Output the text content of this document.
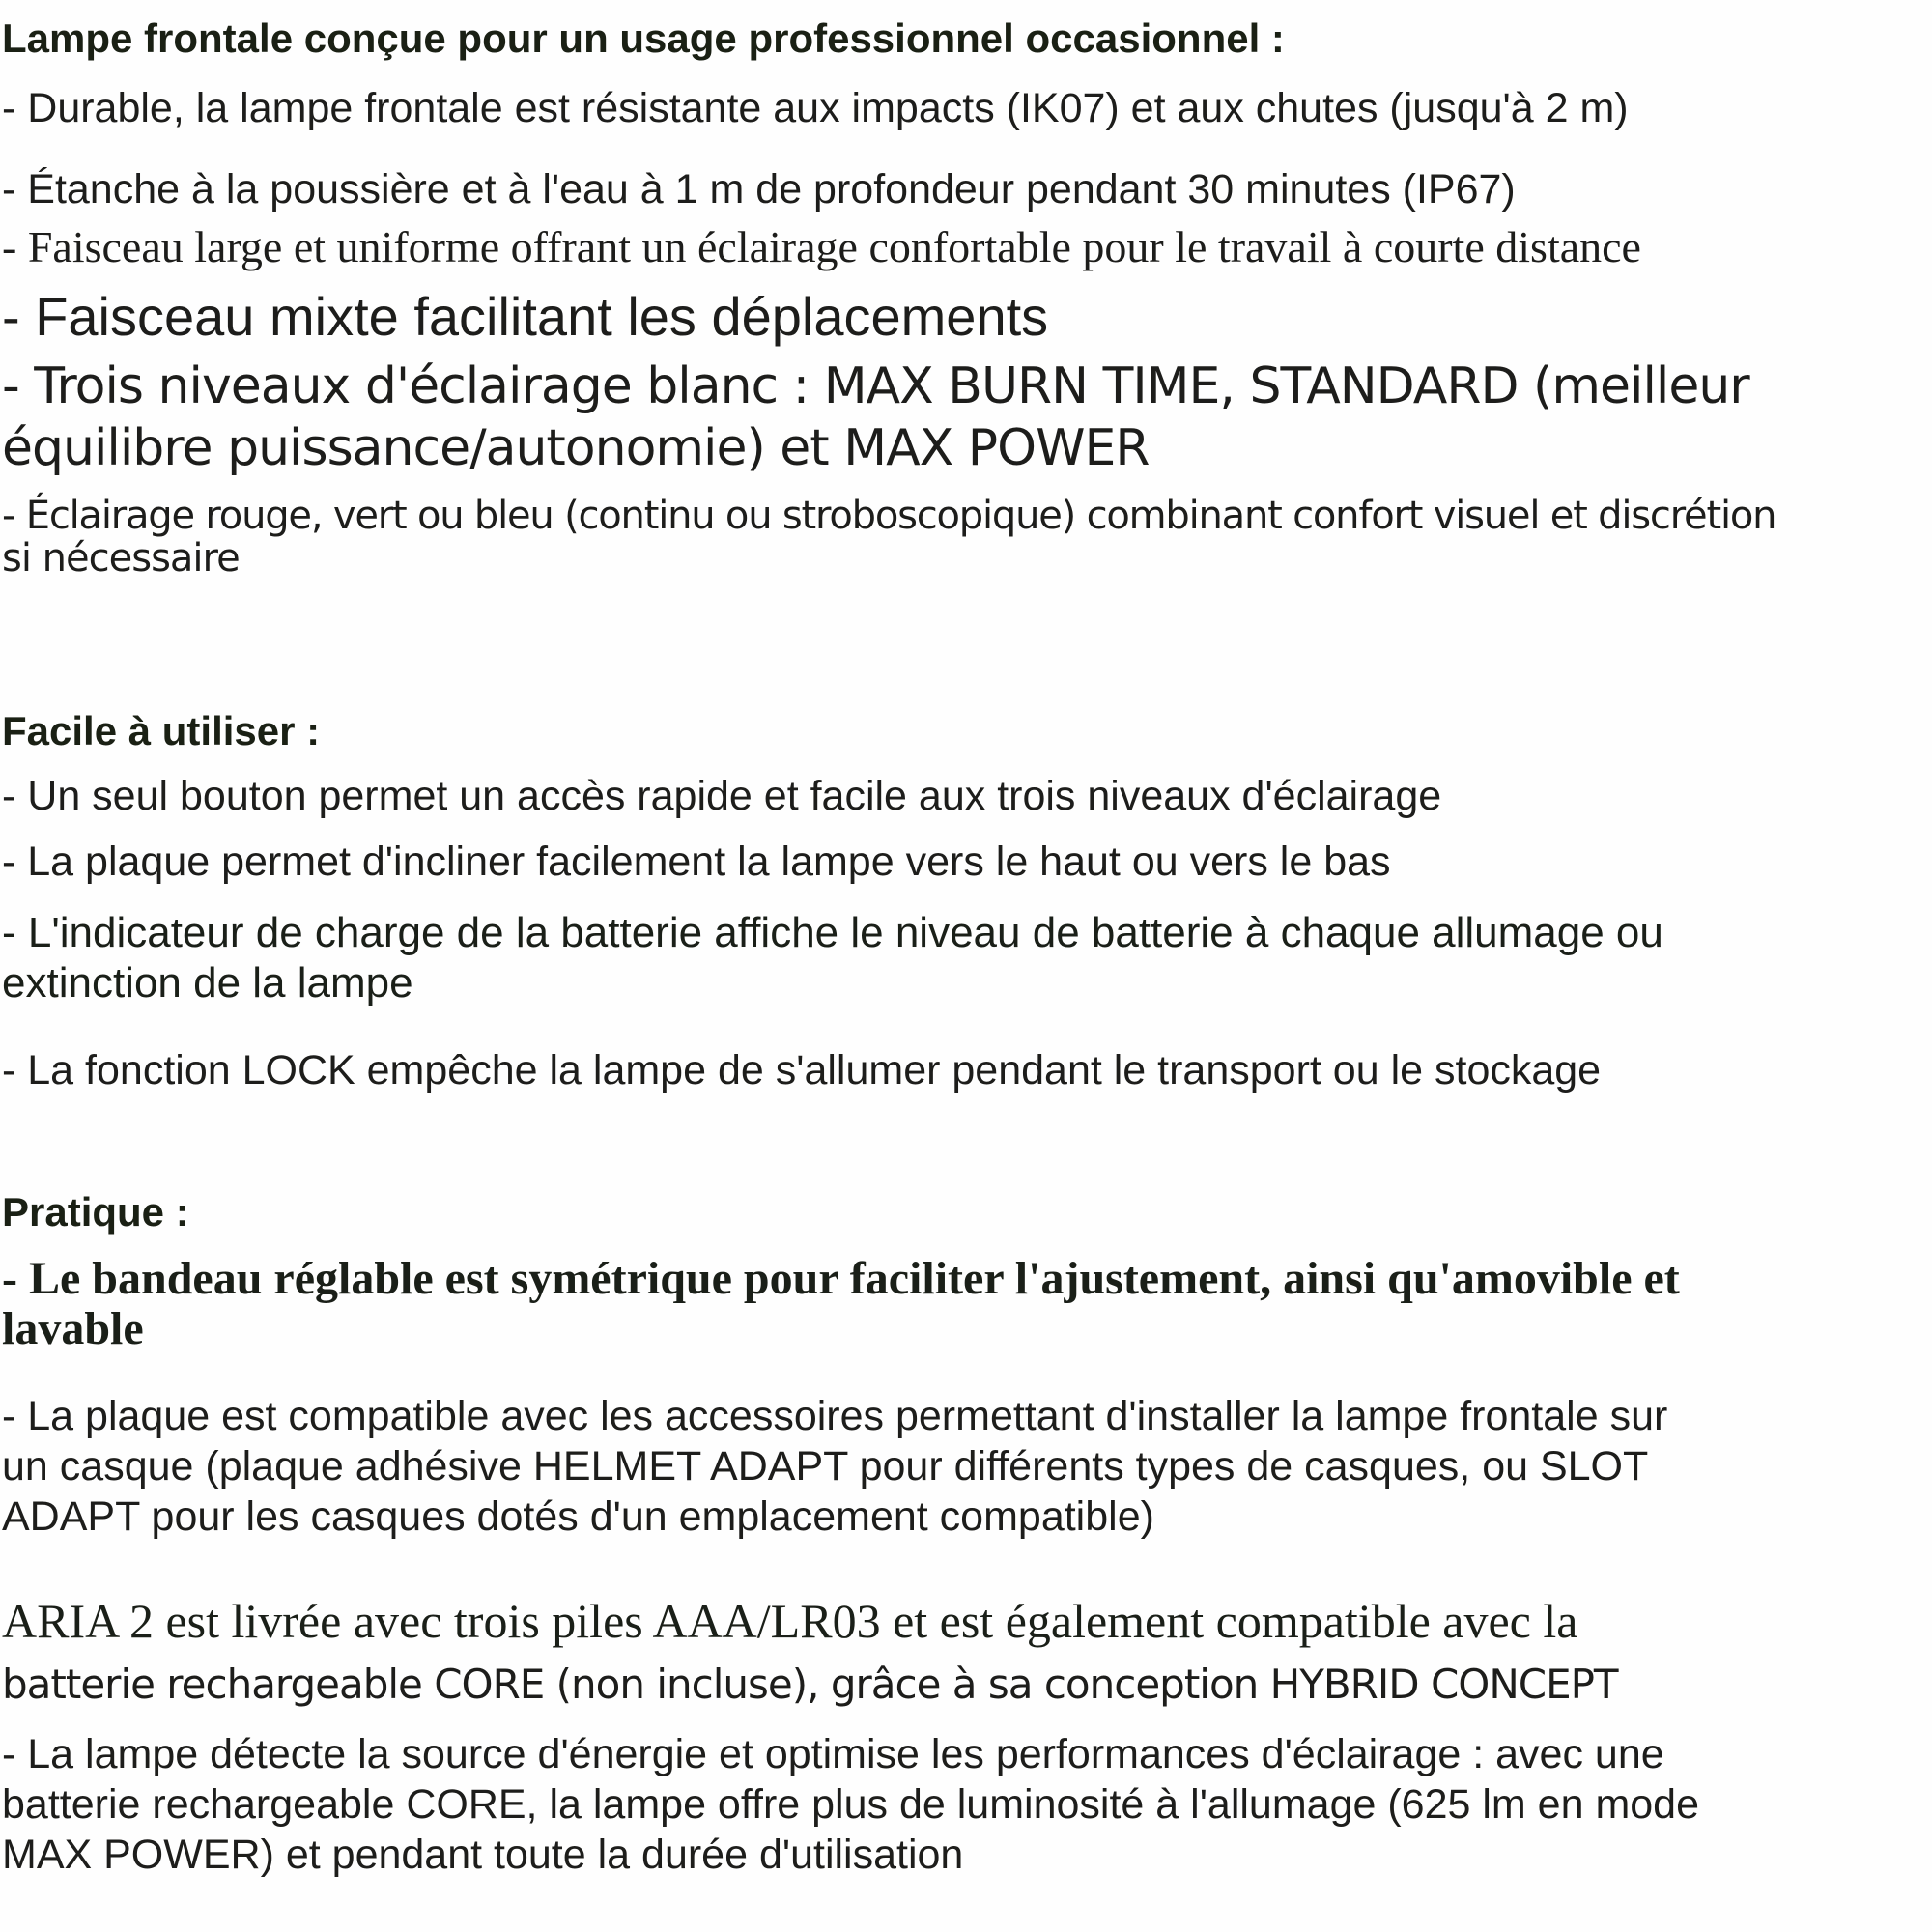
Lampe frontale conçue pour un usage professionnel occasionnel :

- Durable, la lampe frontale est résistante aux impacts (IK07) et aux chutes (jusqu'à 2 m)

- Étanche à la poussière et à l'eau à 1 m de profondeur pendant 30 minutes (IP67)

- Faisceau large et uniforme offrant un éclairage confortable pour le travail à courte distance

- Faisceau mixte facilitant les déplacements

- Trois niveaux d'éclairage blanc : MAX BURN TIME, STANDARD (meilleur

équilibre puissance/autonomie) et MAX POWER

- Éclairage rouge, vert ou bleu (continu ou stroboscopique) combinant confort visuel et discrétion

si nécessaire

Facile à utiliser :

- Un seul bouton permet un accès rapide et facile aux trois niveaux d'éclairage

- La plaque permet d'incliner facilement la lampe vers le haut ou vers le bas

- L'indicateur de charge de la batterie affiche le niveau de batterie à chaque allumage ou

extinction de la lampe

- La fonction LOCK empêche la lampe de s'allumer pendant le transport ou le stockage

Pratique :

- Le bandeau réglable est symétrique pour faciliter l'ajustement, ainsi qu'amovible et

lavable

- La plaque est compatible avec les accessoires permettant d'installer la lampe frontale sur

un casque (plaque adhésive HELMET ADAPT pour différents types de casques, ou SLOT

ADAPT pour les casques dotés d'un emplacement compatible)

ARIA 2 est livrée avec trois piles AAA/LR03 et est également compatible avec la

batterie rechargeable CORE (non incluse), grâce à sa conception HYBRID CONCEPT

- La lampe détecte la source d'énergie et optimise les performances d'éclairage : avec une

batterie rechargeable CORE, la lampe offre plus de luminosité à l'allumage (625 lm en mode

MAX POWER) et pendant toute la durée d'utilisation
